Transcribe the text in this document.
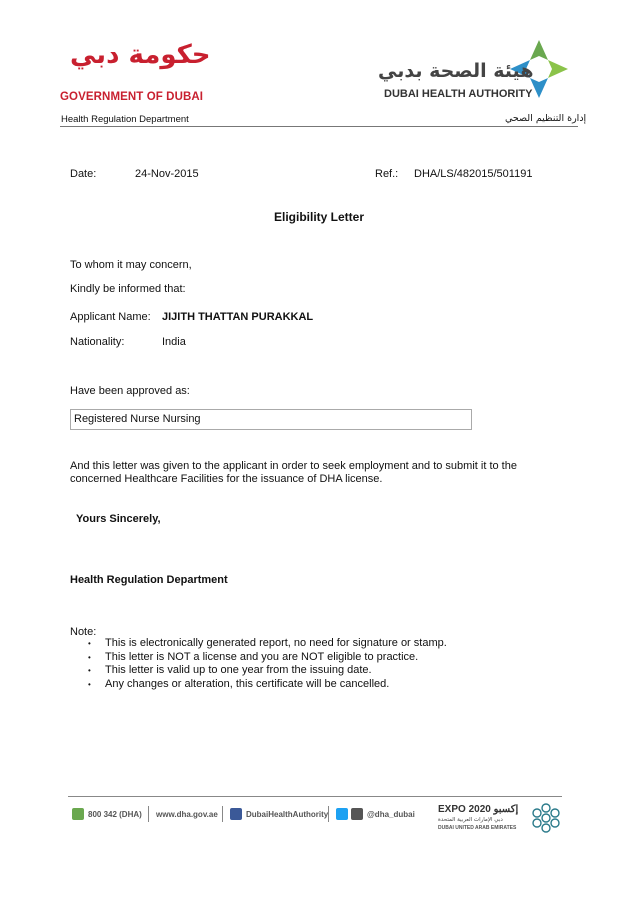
حكومة دبي
GOVERNMENT OF DUBAI
هيئة الصحة بدبي
DUBAI HEALTH AUTHORITY
Health Regulation Department	إدارة التنظيم الصحي
Date:	24-Nov-2015	Ref.: DHA/LS/482015/501191
Eligibility Letter
To whom it may concern,
Kindly be informed that:
Applicant Name: JIJITH THATTAN PURAKKAL
Nationality:	India
Have been approved as:
Registered Nurse Nursing
And this letter was given to the applicant in order to seek employment and to submit it to the
concerned Healthcare Facilities for the issuance of DHA license.
Yours Sincerely,
Health Regulation Department
Note:
• This is electronically generated report, no need for signature or stamp.
• This letter is NOT a license and you are NOT eligible to practice.
• This letter is valid up to one year from the issuing date.
• Any changes or alteration, this certificate will be cancelled.
800 342 (DHA) www.dha.gov.ae	DubaiHealthAuthority	@dha_dubai EXPO 2020 إكسبو
دبي الإمارات العربية المتحدة
DUBAI UNITED ARAB EMIRATES
